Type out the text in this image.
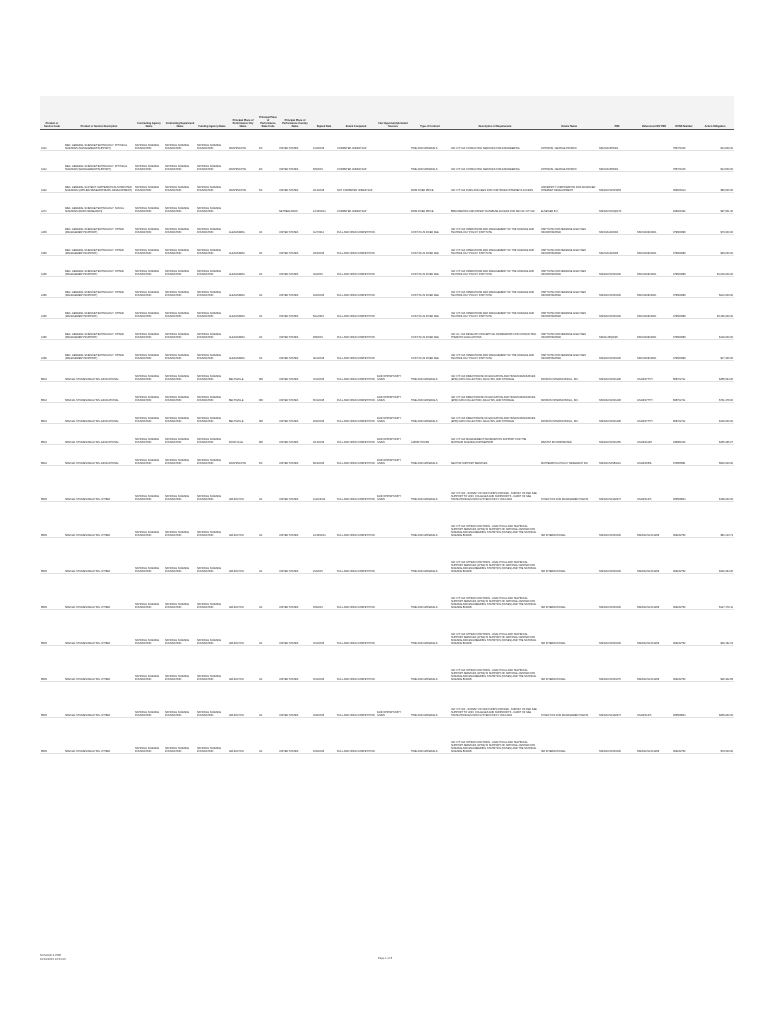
.	.	.
Product or Service Code	Product or Service Description	Contracting Agency Name	Contracting Department Name	Funding Agency Name	Principal Place of Performance City Name	Principal Place of Performance State Code	Principal Place of Performance Country Name	Signed Date	Extent Competed	Fair Opportunity/Limited Sources	Type of Contract	Description of Requirement	Vendor Name	PIID	Referenced IDV PIID	DUNS Number	Action Obligation
AJ12	R&D- GENERAL SCIENCE/TECHNOLOGY: PHYSICAL SCIENCES (MANAGEMENT/SUPPORT)	NATIONAL SCIENCE FOUNDATION	NATIONAL SCIENCE FOUNDATION	NATIONAL SCIENCE FOUNDATION	WASHINGTON	DC	UNITED STATES	1/22/2015	COMPETED UNDER SAP		TIME AND MATERIALS	IGF::OT::IGF CONSULTING SERVICES FOR ENGINEERING	JOHNSON, GEORGE PATRICK	NSFOIA15P0001		785471615	$13,840.00
AJ12	R&D- GENERAL SCIENCE/TECHNOLOGY: PHYSICAL SCIENCES (MANAGEMENT/SUPPORT)	NATIONAL SCIENCE FOUNDATION	NATIONAL SCIENCE FOUNDATION	NATIONAL SCIENCE FOUNDATION	WASHINGTON	DC	UNITED STATES	6/5/2015	COMPETED UNDER SAP		TIME AND MATERIALS	IGF::OT::IGF CONSULTING SERVICES FOR ENGINEERING	JOHNSON, GEORGE PATRICK	NSFOIA15P0001		785471615	$13,840.00
AJ22	R&D- GENERAL SCI/TECH: MATHEMATICAL/COMPUTER SCIENCES (APPLIED RESEARCH/EXPL DEVELOPMENT)	NATIONAL SCIENCE FOUNDATION	NATIONAL SCIENCE FOUNDATION	NATIONAL SCIENCE FOUNDATION	WASHINGTON	DC	UNITED STATES	2/13/2015	NOT COMPETED UNDER SAP		FIRM FIXED PRICE	IGF::OT::IGF DUES AND FEES FOR CONTINUED INTERNET2 ACCESS	UNIVERSITY CORPORATION FOR ADVANCED INTERNET DEVELOPMENT	NSFDACS15P1055		069526314	$56,000.00
AJ71	R&D- GENERAL SCIENCE/TECHNOLOGY: SOCIAL SCIENCES (BASIC RESEARCH)	NATIONAL SCIENCE FOUNDATION	NATIONAL SCIENCE FOUNDATION	NATIONAL SCIENCE FOUNDATION			NETHERLANDS	12/19/2014	COMPETED UNDER SAP		FIRM FIXED PRICE	BIBLIOMETRIC AND PATENT DATABASE ACCESS FOR SEI IGF::OT::IGF	ELSEVIER B.V.	NSFDACS15Q0473		408926192	$97,941.00
AJ96	R&D- GENERAL SCIENCE/TECHNOLOGY: OTHER (MANAGEMENT/SUPPORT)	NATIONAL SCIENCE FOUNDATION	NATIONAL SCIENCE FOUNDATION	NATIONAL SCIENCE FOUNDATION	ALEXANDRIA	VA	UNITED STATES	11/7/2014	FULL AND OPEN COMPETITION		COST PLUS FIXED FEE	IGF::OT::IGF OPERATIONS AND MANAGEMENT OF THE SCIENCE AND TECHNOLOGY POLICY INSTITUTE	INSTITUTE FOR DEFENSE ANALYSES INCORPORATED	NSFOIA14F0004	NSFOIA09C0001	079660698	$70,000.00
AJ96	R&D- GENERAL SCIENCE/TECHNOLOGY: OTHER (MANAGEMENT/SUPPORT)	NATIONAL SCIENCE FOUNDATION	NATIONAL SCIENCE FOUNDATION	NATIONAL SCIENCE FOUNDATION	ALEXANDRIA	VA	UNITED STATES	2/18/2015	FULL AND OPEN COMPETITION		COST PLUS FIXED FEE	IGF::OT::IGF OPERATIONS AND MANAGEMENT OF THE SCIENCE AND TECHNOLOGY POLICY INSTITUTE	INSTITUTE FOR DEFENSE ANALYSES INCORPORATED	NSFOIA14F0005	NSFOIA09C0001	079660698	$45,000.00
AJ96	R&D- GENERAL SCIENCE/TECHNOLOGY: OTHER (MANAGEMENT/SUPPORT)	NATIONAL SCIENCE FOUNDATION	NATIONAL SCIENCE FOUNDATION	NATIONAL SCIENCE FOUNDATION	ALEXANDRIA	VA	UNITED STATES	3/2/2015	FULL AND OPEN COMPETITION		COST PLUS FIXED FEE	IGF::OT::IGF OPERATIONS AND MANAGEMENT OF THE SCIENCE AND TECHNOLOGY POLICY INSTITUTE	INSTITUTE FOR DEFENSE ANALYSES INCORPORATED	NSFDACS15F1009	NSFOIA09C0001	079660698	$1,600,000.00
AJ96	R&D- GENERAL SCIENCE/TECHNOLOGY: OTHER (MANAGEMENT/SUPPORT)	NATIONAL SCIENCE FOUNDATION	NATIONAL SCIENCE FOUNDATION	NATIONAL SCIENCE FOUNDATION	ALEXANDRIA	VA	UNITED STATES	4/20/2015	FULL AND OPEN COMPETITION		COST PLUS FIXED FEE	IGF::OT::IGF OPERATIONS AND MANAGEMENT OF THE SCIENCE AND TECHNOLOGY POLICY INSTITUTE	INSTITUTE FOR DEFENSE ANALYSES INCORPORATED	NSFDACS15F1009	NSFOIA09C0001	079660698	$210,000.00
AJ96	R&D- GENERAL SCIENCE/TECHNOLOGY: OTHER (MANAGEMENT/SUPPORT)	NATIONAL SCIENCE FOUNDATION	NATIONAL SCIENCE FOUNDATION	NATIONAL SCIENCE FOUNDATION	ALEXANDRIA	VA	UNITED STATES	5/11/2015	FULL AND OPEN COMPETITION		COST PLUS FIXED FEE	IGF::OT::IGF OPERATIONS AND MANAGEMENT OF THE SCIENCE AND TECHNOLOGY POLICY INSTITUTE	INSTITUTE FOR DEFENSE ANALYSES INCORPORATED	NSFDACS15F1009	NSFOIA09C0001	079660698	$3,280,000.00
AJ96	R&D- GENERAL SCIENCE/TECHNOLOGY: OTHER (MANAGEMENT/SUPPORT)	NATIONAL SCIENCE FOUNDATION	NATIONAL SCIENCE FOUNDATION	NATIONAL SCIENCE FOUNDATION	ALEXANDRIA	VA	UNITED STATES	9/8/2015	FULL AND OPEN COMPETITION		COST PLUS FIXED FEE	IGF::CL::IGF DEVELOP CONCEPTUAL FRAMEWORK FOR CONDUCTING THEMATIC EVALUATIONS	INSTITUTE FOR DEFENSE ANALYSES INCORPORATED	NSFAC15Q0028	NSFOIA09C0001	079660698	$129,000.00
AJ96	R&D- GENERAL SCIENCE/TECHNOLOGY: OTHER (MANAGEMENT/SUPPORT)	NATIONAL SCIENCE FOUNDATION	NATIONAL SCIENCE FOUNDATION	NATIONAL SCIENCE FOUNDATION	ALEXANDRIA	VA	UNITED STATES	9/21/2015	FULL AND OPEN COMPETITION		COST PLUS FIXED FEE	IGF::OT::IGF OPERATIONS AND MANAGEMENT OF THE SCIENCE AND TECHNOLOGY POLICY INSTITUTE	INSTITUTE FOR DEFENSE ANALYSES INCORPORATED	NSFDACS15F1009	NSFOIA09C0001	079660698	$17,400.00
B542	SPECIAL STUDIES/ANALYSIS- EDUCATIONAL	NATIONAL SCIENCE FOUNDATION	NATIONAL SCIENCE FOUNDATION	NATIONAL SCIENCE FOUNDATION	BELTSVILLE	MD	UNITED STATES	3/31/2015	FULL AND OPEN COMPETITION	FAIR OPPORTUNITY GIVEN	TIME AND MATERIALS	IGF::OT::IGF DIRECTORATE OF EDUCATION AND HUMAN RESOURCES (EHR) DATA COLLECTION, ANALYSIS, AND STORAGE	KRONOS INTERNATIONAL, INC.	NSFDACS15F1408	GS10F077TH	808702711	$355,524.00
B542	SPECIAL STUDIES/ANALYSIS- EDUCATIONAL	NATIONAL SCIENCE FOUNDATION	NATIONAL SCIENCE FOUNDATION	NATIONAL SCIENCE FOUNDATION	BELTSVILLE	MD	UNITED STATES	8/31/2015	FULL AND OPEN COMPETITION	FAIR OPPORTUNITY GIVEN	TIME AND MATERIALS	IGF::OT::IGF DIRECTORATE OF EDUCATION AND HUMAN RESOURCES (EHR) DATA COLLECTION, ANALYSIS, AND STORAGE	KRONOS INTERNATIONAL, INC.	NSFDACS15F1408	GS10F077TH	808702711	$761,478.00
B542	SPECIAL STUDIES/ANALYSIS- EDUCATIONAL	NATIONAL SCIENCE FOUNDATION	NATIONAL SCIENCE FOUNDATION	NATIONAL SCIENCE FOUNDATION	BELTSVILLE	MD	UNITED STATES	9/30/2015	FULL AND OPEN COMPETITION	FAIR OPPORTUNITY GIVEN	TIME AND MATERIALS	IGF::OT::IGF DIRECTORATE OF EDUCATION AND HUMAN RESOURCES (EHR) DATA COLLECTION, ANALYSIS, AND STORAGE	KRONOS INTERNATIONAL, INC.	NSFDACS15F1408	GS10F077TH	808702711	$100,000.00
B542	SPECIAL STUDIES/ANALYSIS- EDUCATIONAL	NATIONAL SCIENCE FOUNDATION	NATIONAL SCIENCE FOUNDATION	NATIONAL SCIENCE FOUNDATION	ROCKVILLE	MD	UNITED STATES	4/13/2015	FULL AND OPEN COMPETITION	FAIR OPPORTUNITY GIVEN	LABOR HOURS	IGF::OT::IGF MANAGEMENT INFORMATION SUPPORT FOR THE MATHAND SCIENCE PARTNERSHIP	WESTAT INCORPORATED	NSFDACS15F1255	GS10F0114H	049981020	$455,295.07
B542	SPECIAL STUDIES/ANALYSIS- EDUCATIONAL	NATIONAL SCIENCE FOUNDATION	NATIONAL SCIENCE FOUNDATION	NATIONAL SCIENCE FOUNDATION	WASHINGTON	DC	UNITED STATES	8/19/2015	FULL AND OPEN COMPETITION	FAIR OPPORTUNITY GIVEN	TIME AND MATERIALS	SECTOR SUPPORT SERVICES	MATHEMATICA POLICY RESEARCH INC	NSFDACS15B1101	GS10F0050L	070859581	$500,000.00
B506	SPECIAL STUDIES/ANALYSIS- OTHER	NATIONAL SCIENCE FOUNDATION	NATIONAL SCIENCE FOUNDATION	NATIONAL SCIENCE FOUNDATION	ARLINGTON	VA	UNITED STATES	11/20/2014	FULL AND OPEN COMPETITION	FAIR OPPORTUNITY GIVEN	TIME AND MATERIALS	IGF::OT::IGF - SURVEY OF FED FUNDS FOR R&D - SURVEY OF FED S&E SUPPORT TO UNIV, COLLEGES AND NONPROFITS - NAMIT OF S&E STATE PROFILES DATA SYSTEM FOR FY 2014-2016	SYNECTICS FOR MANAGEMENT DECIS	NSFDACS14A0037	GS10F0127L	005568804	$169,000.00
B506	SPECIAL STUDIES/ANALYSIS- OTHER	NATIONAL SCIENCE FOUNDATION	NATIONAL SCIENCE FOUNDATION	NATIONAL SCIENCE FOUNDATION	ARLINGTON	VA	UNITED STATES	12/19/2014	FULL AND OPEN COMPETITION		TIME AND MATERIALS	IGF::OT::IGF OTHER FUNCTIONS - ANALYTICAL AND TECHNICAL SUPPORT SERVICES (ATSS) IN SUPPORT OF NATIONAL CENTER FOR SCIENCE AND ENGINEERING STATISTICS (NCSES) AND THE NATIONAL SCIENCE BOARD	SRI INTERNATIONAL	NSFDACS15F1009	NSFDACS13C1289	009232752	$81,210.74
B506	SPECIAL STUDIES/ANALYSIS- OTHER	NATIONAL SCIENCE FOUNDATION	NATIONAL SCIENCE FOUNDATION	NATIONAL SCIENCE FOUNDATION	ARLINGTON	VA	UNITED STATES	2/2/2015	FULL AND OPEN COMPETITION		TIME AND MATERIALS	IGF::OT::IGF OTHER FUNCTIONS - ANALYTICAL AND TECHNICAL SUPPORT SERVICES (ATSS) IN SUPPORT OF NATIONAL CENTER FOR SCIENCE AND ENGINEERING STATISTICS (NCSES) AND THE NATIONAL SCIENCE BOARD	SRI INTERNATIONAL	NSFDACS15F1009	NSFDACS13C1289	009232752	$340,064.00
B506	SPECIAL STUDIES/ANALYSIS- OTHER	NATIONAL SCIENCE FOUNDATION	NATIONAL SCIENCE FOUNDATION	NATIONAL SCIENCE FOUNDATION	ARLINGTON	VA	UNITED STATES	3/5/2015	FULL AND OPEN COMPETITION		TIME AND MATERIALS	IGF::OT::IGF OTHER FUNCTIONS - ANALYTICAL AND TECHNICAL SUPPORT SERVICES (ATSS) IN SUPPORT OF NATIONAL CENTER FOR SCIENCE AND ENGINEERING STATISTICS (NCSES) AND THE NATIONAL SCIENCE BOARD	SRI INTERNATIONAL	NSFDACS15F1009	NSFDACS13C1289	009232752	$127,179.41
B506	SPECIAL STUDIES/ANALYSIS- OTHER	NATIONAL SCIENCE FOUNDATION	NATIONAL SCIENCE FOUNDATION	NATIONAL SCIENCE FOUNDATION	ARLINGTON	VA	UNITED STATES	3/31/2015	FULL AND OPEN COMPETITION		TIME AND MATERIALS	IGF::OT::IGF OTHER FUNCTIONS - ANALYTICAL AND TECHNICAL SUPPORT SERVICES (ATSS) IN SUPPORT OF NATIONAL CENTER FOR SCIENCE AND ENGINEERING STATISTICS (NCSES) AND THE NATIONAL SCIENCE BOARD	SRI INTERNATIONAL	NSFDACS15F1009	NSFDACS13C1289	009232752	$26,192.19
B506	SPECIAL STUDIES/ANALYSIS- OTHER	NATIONAL SCIENCE FOUNDATION	NATIONAL SCIENCE FOUNDATION	NATIONAL SCIENCE FOUNDATION	ARLINGTON	VA	UNITED STATES	3/31/2015	FULL AND OPEN COMPETITION		TIME AND MATERIALS	IGF::OT::IGF OTHER FUNCTIONS - ANALYTICAL AND TECHNICAL SUPPORT SERVICES (ATSS) IN SUPPORT OF NATIONAL CENTER FOR SCIENCE AND ENGINEERING STATISTICS (NCSES) AND THE NATIONAL SCIENCE BOARD	SRI INTERNATIONAL	NSFDACS15F1079	NSFDACS13C1289	009232752	$26,442.85
B506	SPECIAL STUDIES/ANALYSIS- OTHER	NATIONAL SCIENCE FOUNDATION	NATIONAL SCIENCE FOUNDATION	NATIONAL SCIENCE FOUNDATION	ARLINGTON	VA	UNITED STATES	3/30/2015	FULL AND OPEN COMPETITION	FAIR OPPORTUNITY GIVEN	TIME AND MATERIALS	IGF::OT::IGF - SURVEY OF FED FUNDS FOR R&D - SURVEY OF FED S&E SUPPORT TO UNIV, COLLEGES AND NONPROFITS - NAMIT OF S&E STATE PROFILES DATA SYSTEM FOR FY 2014-2016	SYNECTICS FOR MANAGEMENT DECIS	NSFDACS14A0037	GS10F0127L	005568804	$659,900.00
B506	SPECIAL STUDIES/ANALYSIS- OTHER	NATIONAL SCIENCE FOUNDATION	NATIONAL SCIENCE FOUNDATION	NATIONAL SCIENCE FOUNDATION	ARLINGTON	VA	UNITED STATES	4/30/2015	FULL AND OPEN COMPETITION		TIME AND MATERIALS	IGF::OT::IGF OTHER FUNCTIONS - ANALYTICAL AND TECHNICAL SUPPORT SERVICES (ATSS) IN SUPPORT OF NATIONAL CENTER FOR SCIENCE AND ENGINEERING STATISTICS (NCSES) AND THE NATIONAL SCIENCE BOARD	SRI INTERNATIONAL	NSFDACS15F1009	NSFDACS13C1289	009232752	$78,000.00
NCSHAD & PRB
10/19/2015 16:53:26	Page 1 of 8
